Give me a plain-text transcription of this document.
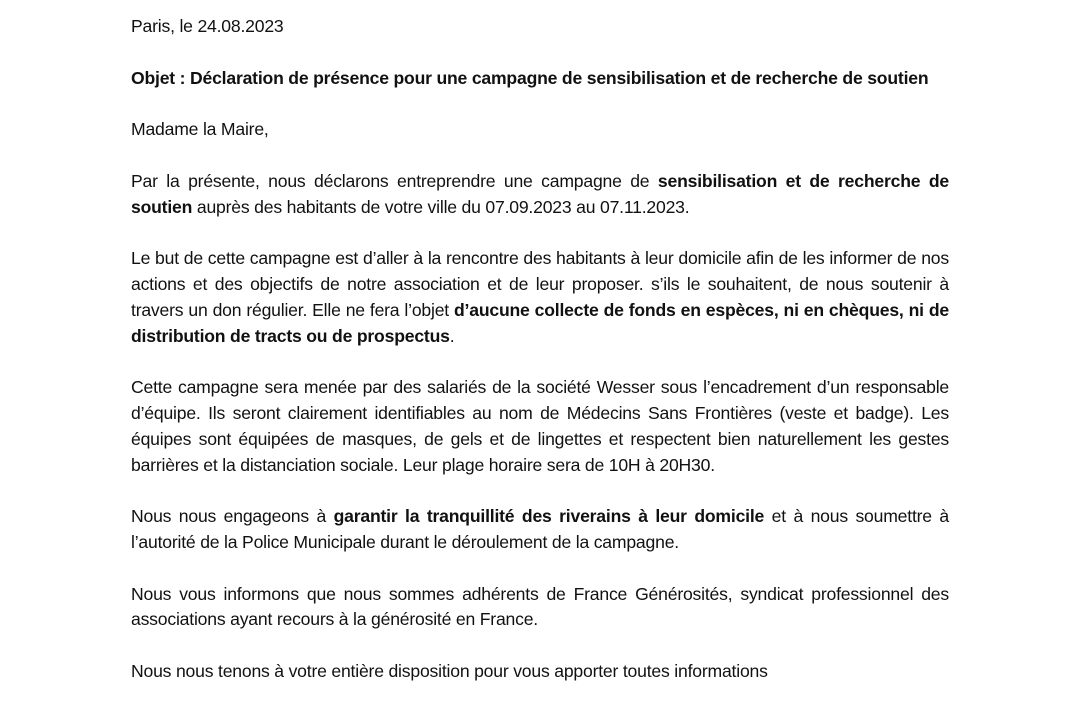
Paris, le 24.08.2023

Objet : Déclaration de présence pour une campagne de sensibilisation et de recherche de soutien

Madame la Maire,

Par la présente, nous déclarons entreprendre une campagne de sensibilisation et de recherche de soutien auprès des habitants de votre ville du 07.09.2023 au 07.11.2023.

Le but de cette campagne est d’aller à la rencontre des habitants à leur domicile afin de les informer de nos actions et des objectifs de notre association et de leur proposer. s’ils le souhaitent, de nous soutenir à travers un don régulier. Elle ne fera l’objet d’aucune collecte de fonds en espèces, ni en chèques, ni de distribution de tracts ou de prospectus.

Cette campagne sera menée par des salariés de la société Wesser sous l’encadrement d’un responsable d’équipe. Ils seront clairement identifiables au nom de Médecins Sans Frontières (veste et badge). Les équipes sont équipées de masques, de gels et de lingettes et respectent bien naturellement les gestes barrières et la distanciation sociale. Leur plage horaire sera de 10H à 20H30.

Nous nous engageons à garantir la tranquillité des riverains à leur domicile et à nous soumettre à l’autorité de la Police Municipale durant le déroulement de la campagne.

Nous vous informons que nous sommes adhérents de France Générosités, syndicat professionnel des associations ayant recours à la générosité en France.

Nous nous tenons à votre entière disposition pour vous apporter toutes informations
